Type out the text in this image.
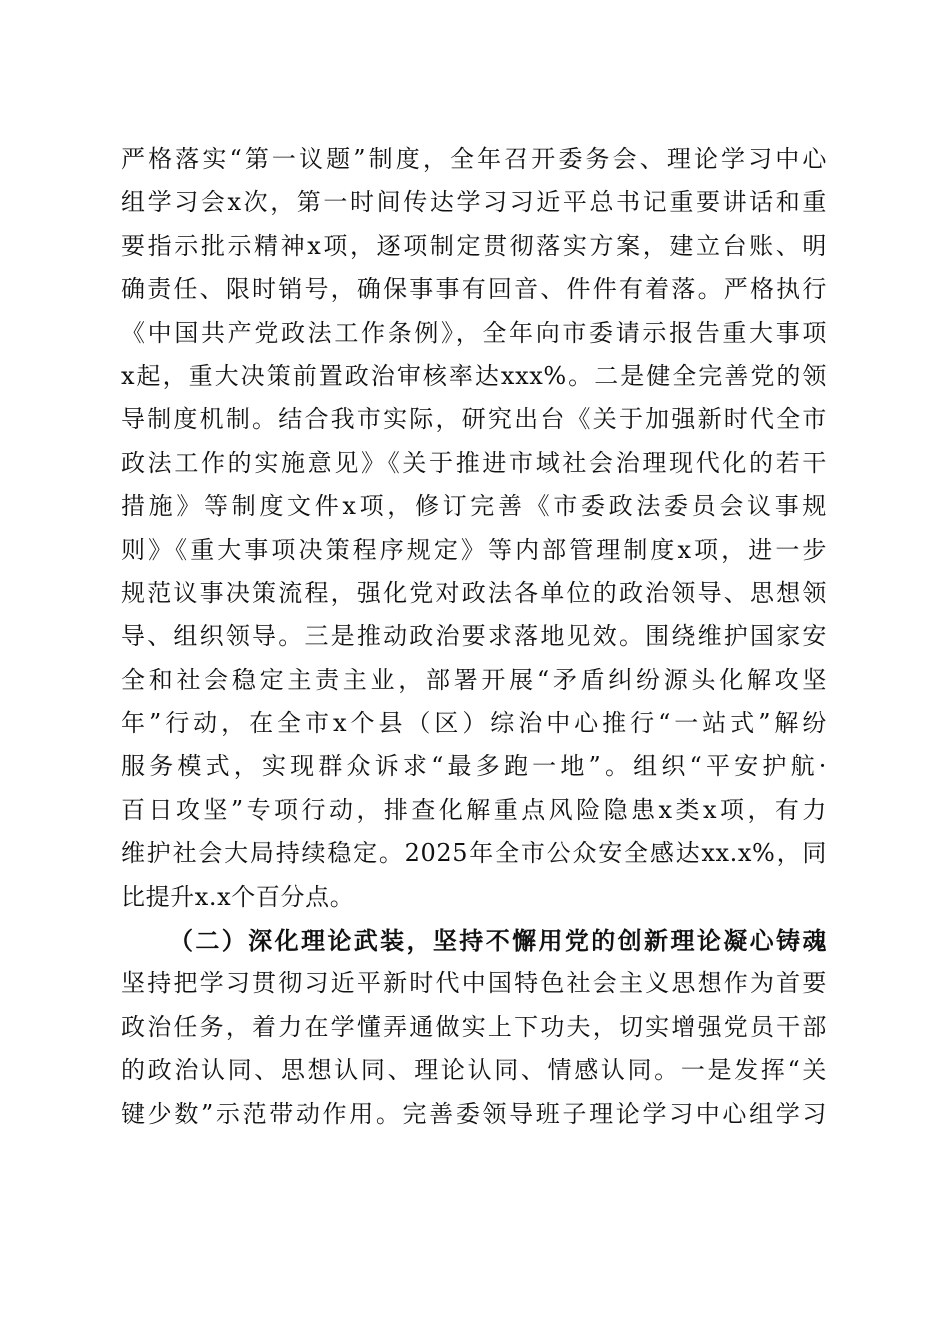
严格落实“第一议题”制度，全年召开委务会、理论学习中心
组学习会x次，第一时间传达学习习近平总书记重要讲话和重
要指示批示精神x项，逐项制定贯彻落实方案，建立台账、明
确责任、限时销号，确保事事有回音、件件有着落。严格执行
《中国共产党政法工作条例》，全年向市委请示报告重大事项
x起，重大决策前置政治审核率达xxx%。二是健全完善党的领
导制度机制。结合我市实际，研究出台《关于加强新时代全市
政法工作的实施意见》《关于推进市域社会治理现代化的若干
措施》等制度文件x项，修订完善《市委政法委员会议事规
则》《重大事项决策程序规定》等内部管理制度x项，进一步
规范议事决策流程，强化党对政法各单位的政治领导、思想领
导、组织领导。三是推动政治要求落地见效。围绕维护国家安
全和社会稳定主责主业，部署开展“矛盾纠纷源头化解攻坚
年”行动，在全市x个县（区）综治中心推行“一站式”解纷
服务模式，实现群众诉求“最多跑一地”。组织“平安护航·
百日攻坚”专项行动，排查化解重点风险隐患x类x项，有力
维护社会大局持续稳定。2025年全市公众安全感达xx.x%，同
比提升x.x个百分点。
（二）深化理论武装，坚持不懈用党的创新理论凝心铸魂
坚持把学习贯彻习近平新时代中国特色社会主义思想作为首要
政治任务，着力在学懂弄通做实上下功夫，切实增强党员干部
的政治认同、思想认同、理论认同、情感认同。一是发挥“关
键少数”示范带动作用。完善委领导班子理论学习中心组学习
